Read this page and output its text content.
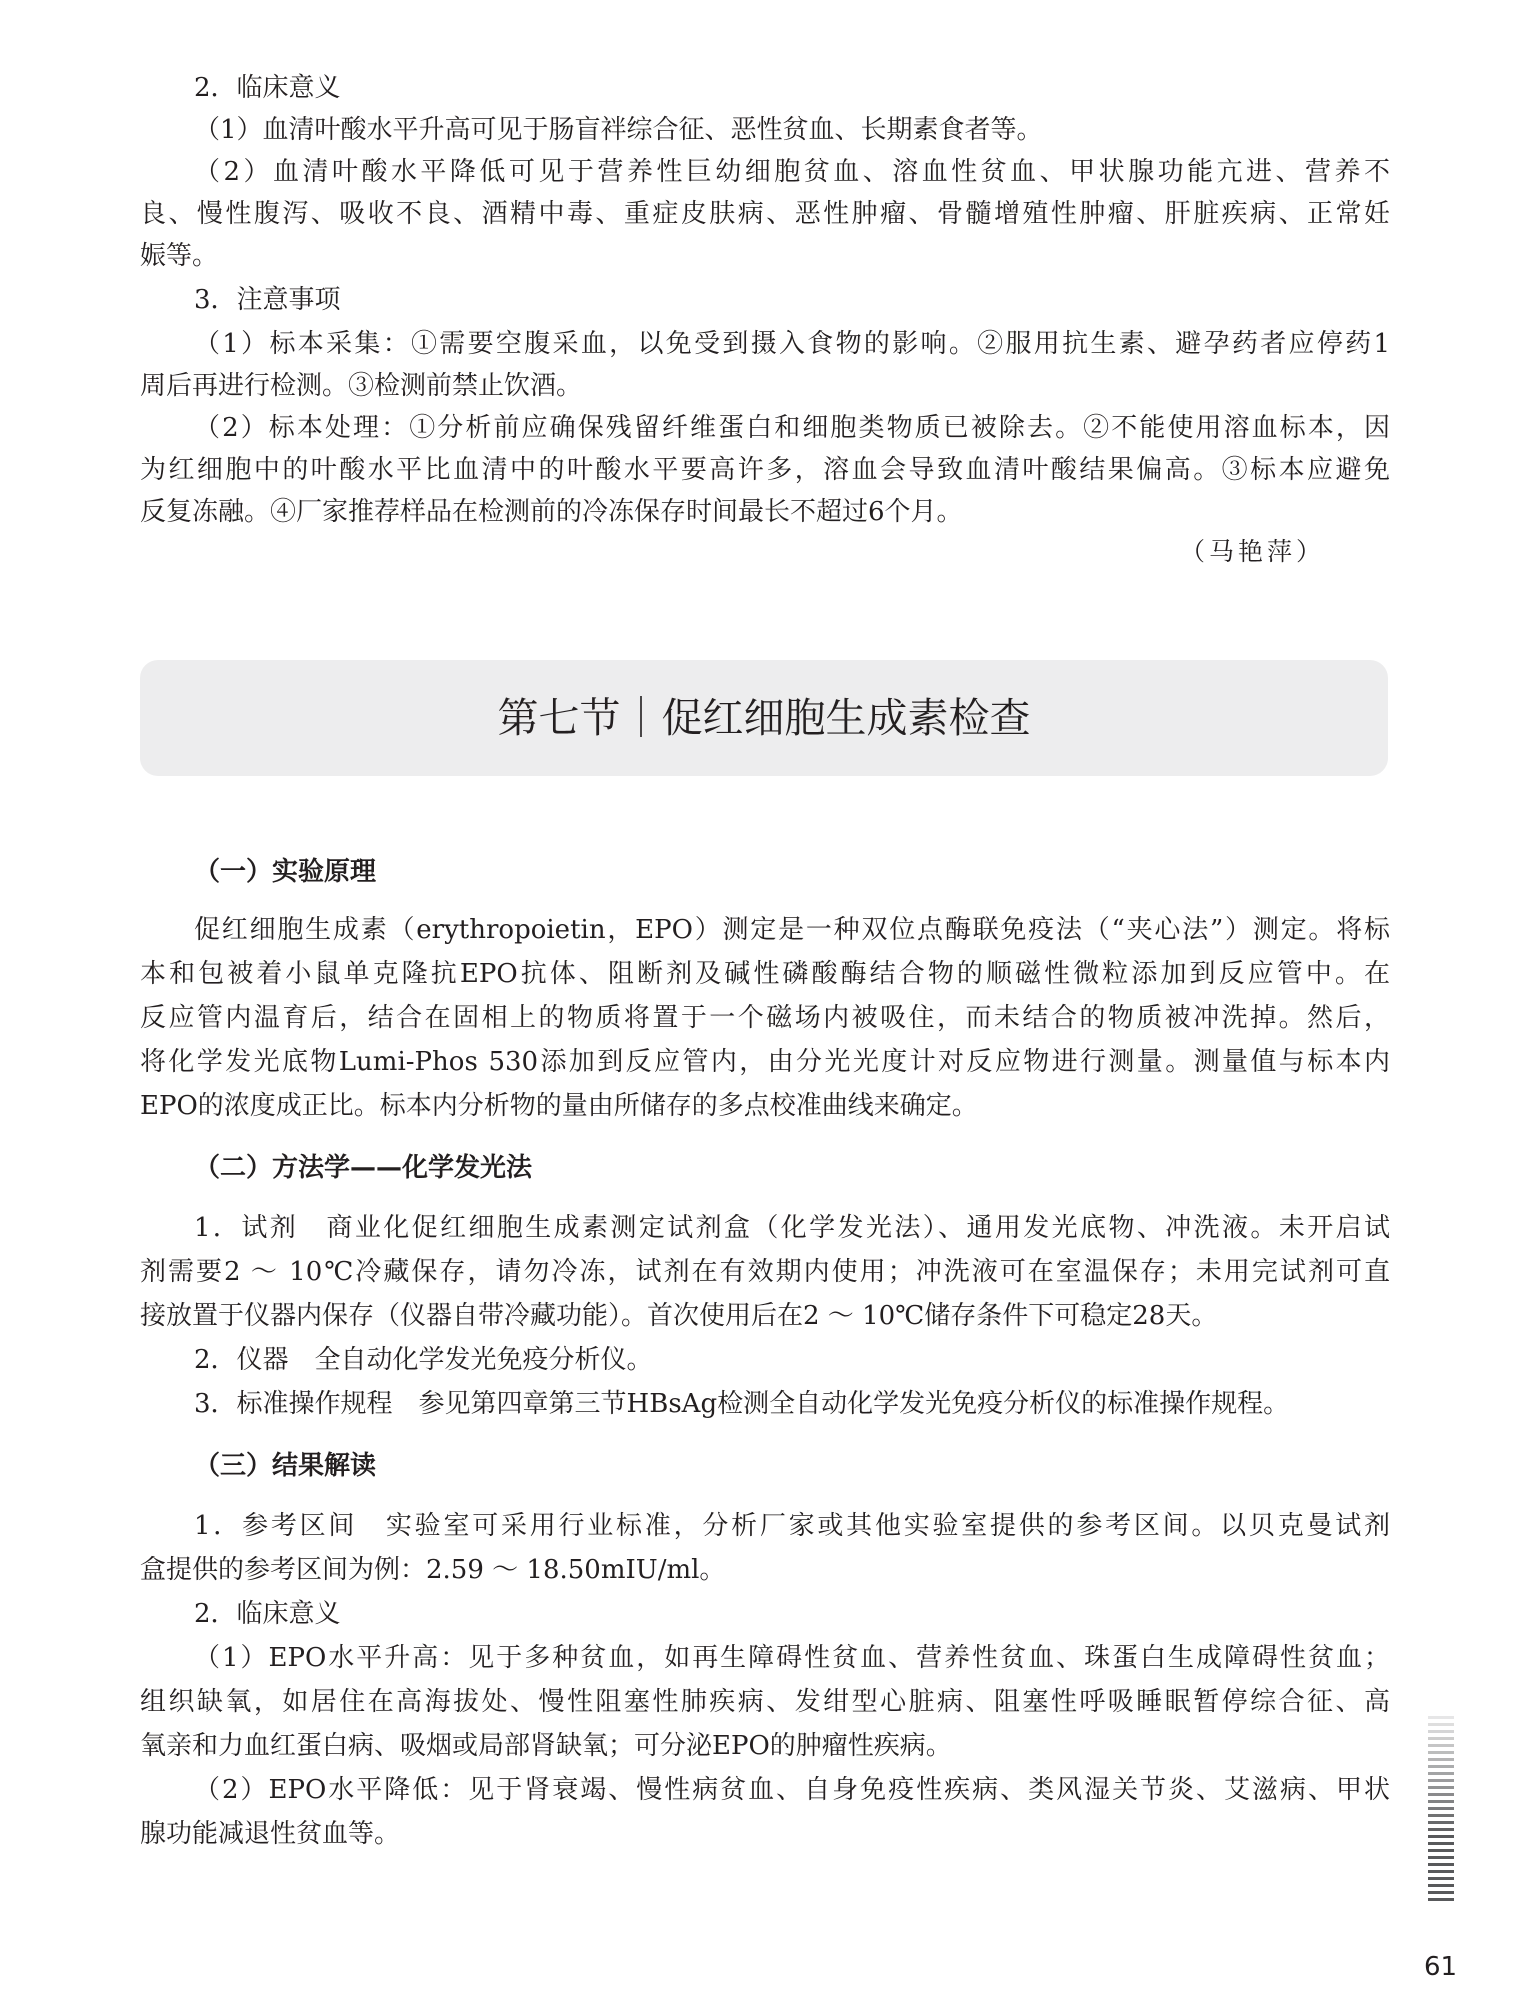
2．临床意义
（1）血清叶酸水平升高可见于肠盲袢综合征、恶性贫血、长期素食者等。
（2）血清叶酸水平降低可见于营养性巨幼细胞贫血、溶血性贫血、甲状腺功能亢进、营养不
良、慢性腹泻、吸收不良、酒精中毒、重症皮肤病、恶性肿瘤、骨髓增殖性肿瘤、肝脏疾病、正常妊
娠等。
3．注意事项
（1）标本采集：①需要空腹采血，以免受到摄入食物的影响。②服用抗生素、避孕药者应停药1
周后再进行检测。③检测前禁止饮酒。
（2）标本处理：①分析前应确保残留纤维蛋白和细胞类物质已被除去。②不能使用溶血标本，因
为红细胞中的叶酸水平比血清中的叶酸水平要高许多，溶血会导致血清叶酸结果偏高。③标本应避免
反复冻融。④厂家推荐样品在检测前的冷冻保存时间最长不超过6个月。
（马艳萍）
第七节｜促红细胞生成素检查
（一）实验原理
促红细胞生成素（erythropoietin，EPO）测定是一种双位点酶联免疫法（“夹心法”）测定。将标
本和包被着小鼠单克隆抗EPO抗体、阻断剂及碱性磷酸酶结合物的顺磁性微粒添加到反应管中。在
反应管内温育后，结合在固相上的物质将置于一个磁场内被吸住，而未结合的物质被冲洗掉。然后，
将化学发光底物Lumi-Phos 530添加到反应管内，由分光光度计对反应物进行测量。测量值与标本内
EPO的浓度成正比。标本内分析物的量由所储存的多点校准曲线来确定。
（二）方法学——化学发光法
1．试剂　商业化促红细胞生成素测定试剂盒（化学发光法）、通用发光底物、冲洗液。未开启试
剂需要2 ～ 10℃冷藏保存，请勿冷冻，试剂在有效期内使用；冲洗液可在室温保存；未用完试剂可直
接放置于仪器内保存（仪器自带冷藏功能）。首次使用后在2 ～ 10℃储存条件下可稳定28天。
2．仪器　全自动化学发光免疫分析仪。
3．标准操作规程　参见第四章第三节HBsAg检测全自动化学发光免疫分析仪的标准操作规程。
（三）结果解读
1．参考区间　实验室可采用行业标准，分析厂家或其他实验室提供的参考区间。以贝克曼试剂
盒提供的参考区间为例：2.59 ～ 18.50mIU/ml。
2．临床意义
（1）EPO水平升高：见于多种贫血，如再生障碍性贫血、营养性贫血、珠蛋白生成障碍性贫血；
组织缺氧，如居住在高海拔处、慢性阻塞性肺疾病、发绀型心脏病、阻塞性呼吸睡眠暂停综合征、高
氧亲和力血红蛋白病、吸烟或局部肾缺氧；可分泌EPO的肿瘤性疾病。
（2）EPO水平降低：见于肾衰竭、慢性病贫血、自身免疫性疾病、类风湿关节炎、艾滋病、甲状
腺功能减退性贫血等。
61
